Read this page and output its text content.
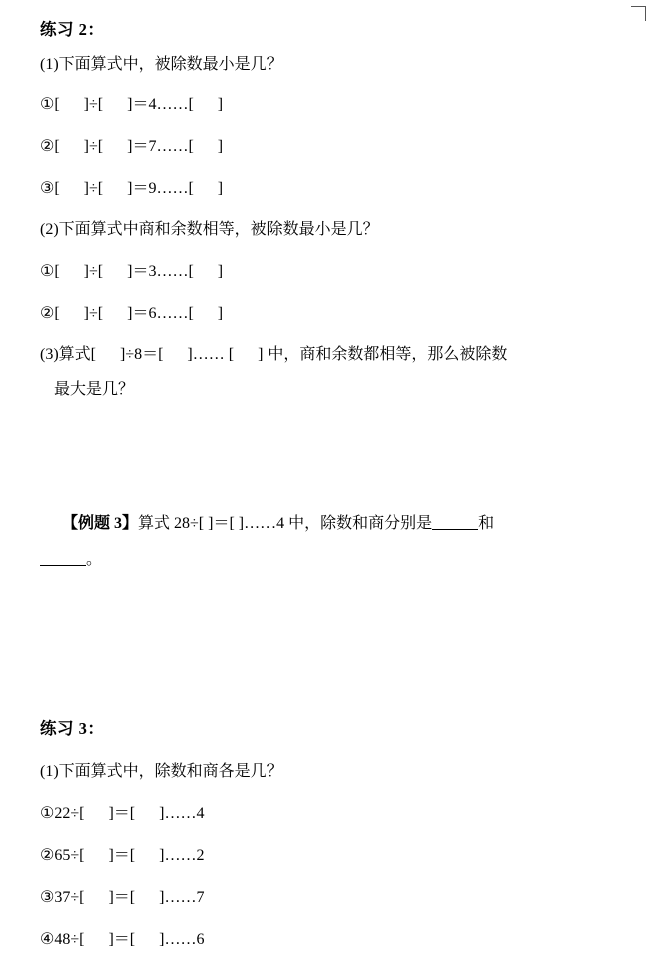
练习 2：

(1)下面算式中，被除数最小是几？

①[      ]÷[      ]＝4……[      ]

②[      ]÷[      ]＝7……[      ]

③[      ]÷[      ]＝9……[      ]

(2)下面算式中商和余数相等，被除数最小是几？

①[      ]÷[      ]＝3……[      ]

②[      ]÷[      ]＝6……[      ]

(3)算式[      ]÷8＝[      ]…… [      ] 中，商和余数都相等，那么被除数

最大是几？

【例题 3】算式 28÷[ ]＝[ ]……4 中，除数和商分别是	和

。

练习 3：

(1)下面算式中，除数和商各是几？

①22÷[      ]＝[      ]……4

②65÷[      ]＝[      ]……2

③37÷[      ]＝[      ]……7

④48÷[      ]＝[      ]……6
